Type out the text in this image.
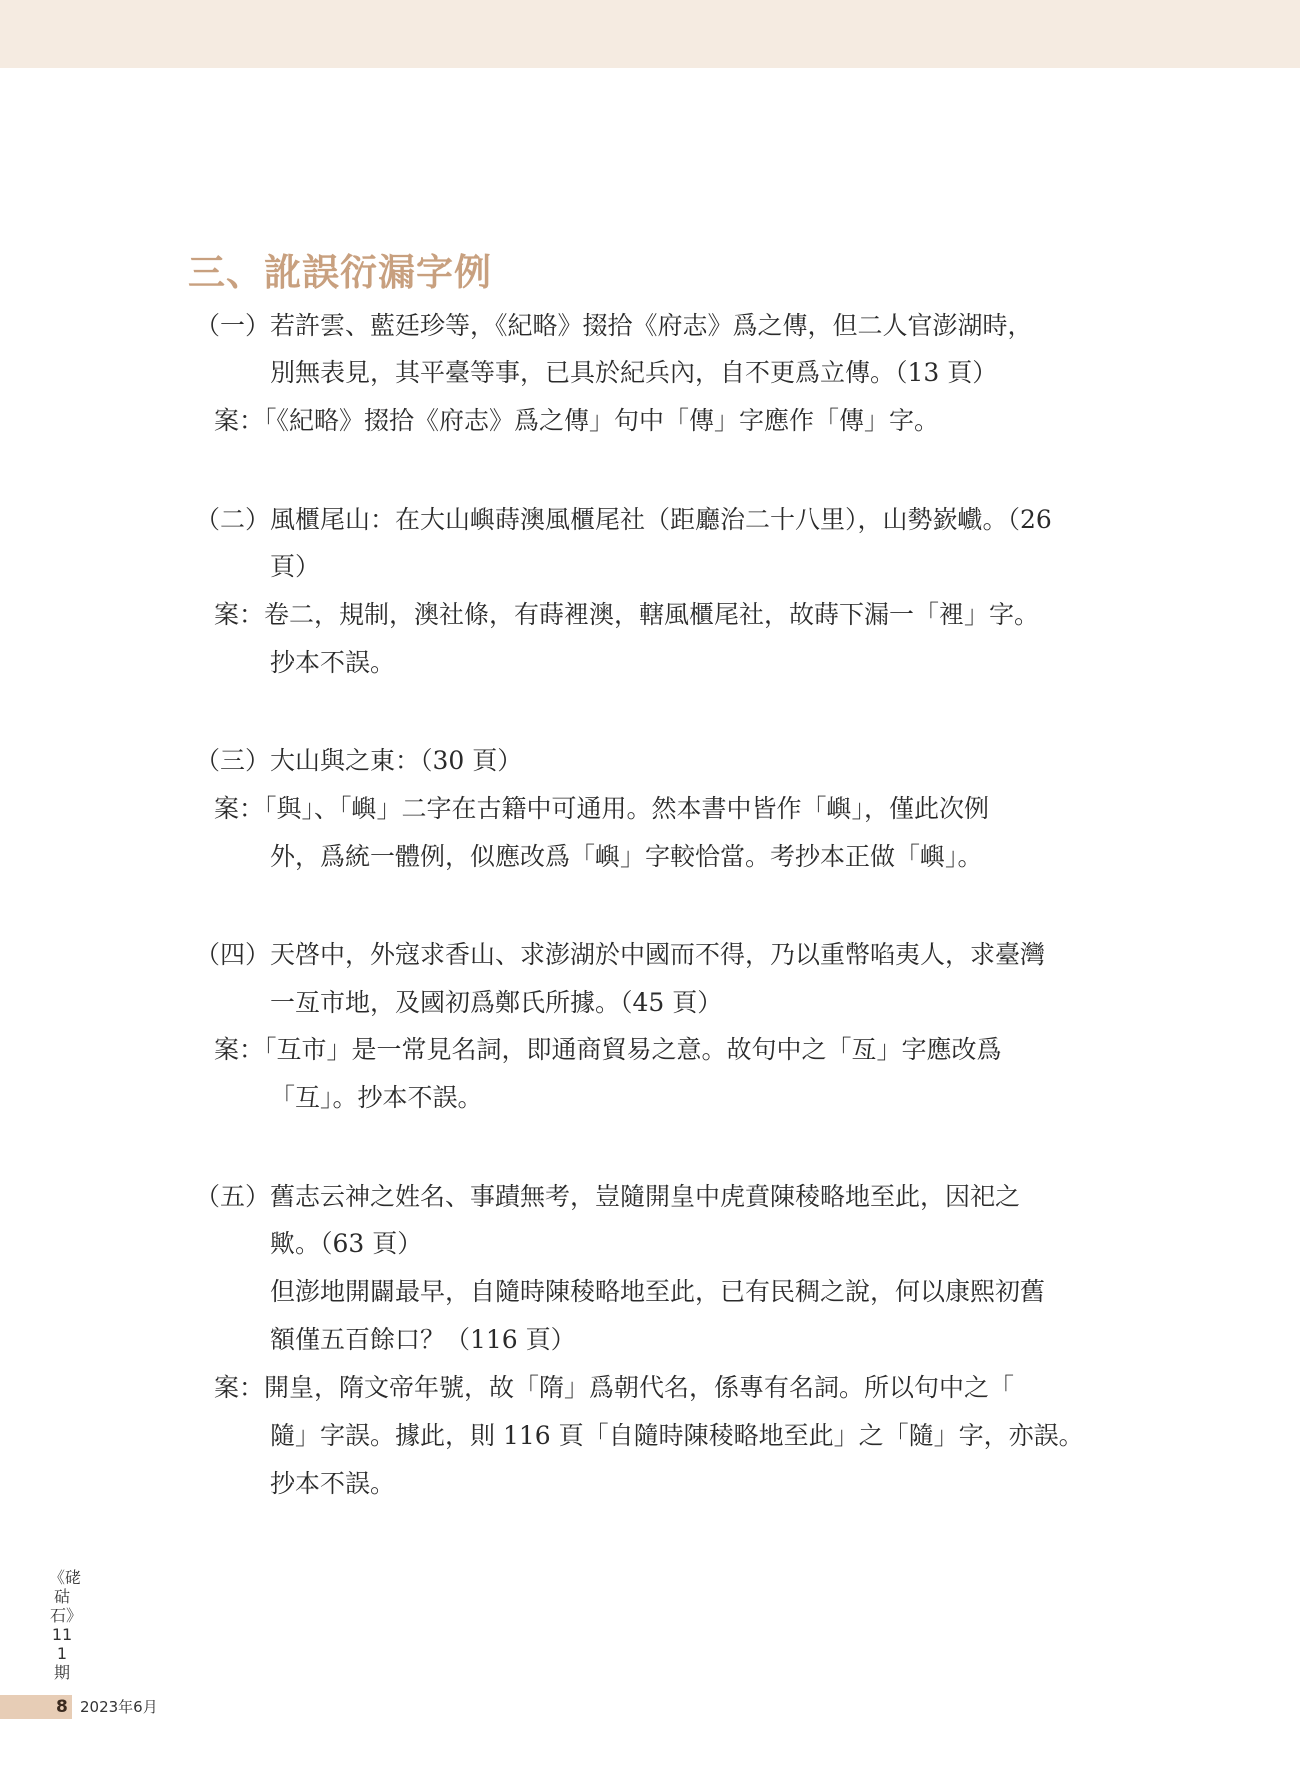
三、訛誤衍漏字例
（一）若許雲、藍廷珍等，《紀略》掇拾《府志》爲之傳，但二人官澎湖時，
別無表見，其平臺等事，已具於紀兵內，自不更爲立傳。（13 頁）
案：「《紀略》掇拾《府志》爲之傳」句中「傳」字應作「傳」字。
（二）風櫃尾山：在大山嶼蒔澳風櫃尾社（距廳治二十八里），山勢嶔巇。（26
頁）
案：卷二，規制，澳社條，有蒔裡澳，轄風櫃尾社，故蒔下漏一「裡」字。
抄本不誤。
（三）大山與之東：（30 頁）
案：「與」、「嶼」二字在古籍中可通用。然本書中皆作「嶼」，僅此次例
外，爲統一體例，似應改爲「嶼」字較恰當。考抄本正做「嶼」。
（四）天啓中，外寇求香山、求澎湖於中國而不得，乃以重幣啗夷人，求臺灣
一亙市地，及國初爲鄭氏所據。（45 頁）
案：「互市」是一常見名詞，即通商貿易之意。故句中之「亙」字應改爲
「互」。抄本不誤。
（五）舊志云神之姓名、事蹟無考，豈隨開皇中虎賁陳稜略地至此，因祀之
歟。（63 頁）
但澎地開闢最早，自隨時陳稜略地至此，已有民稠之說，何以康熙初舊
額僅五百餘口？（116 頁）
案：開皇，隋文帝年號，故「隋」爲朝代名，係專有名詞。所以句中之「
隨」字誤。據此，則 116 頁「自隨時陳稜略地至此」之「隨」字，亦誤。
抄本不誤。
《硓𥑮石》111期
8 2023年6月
